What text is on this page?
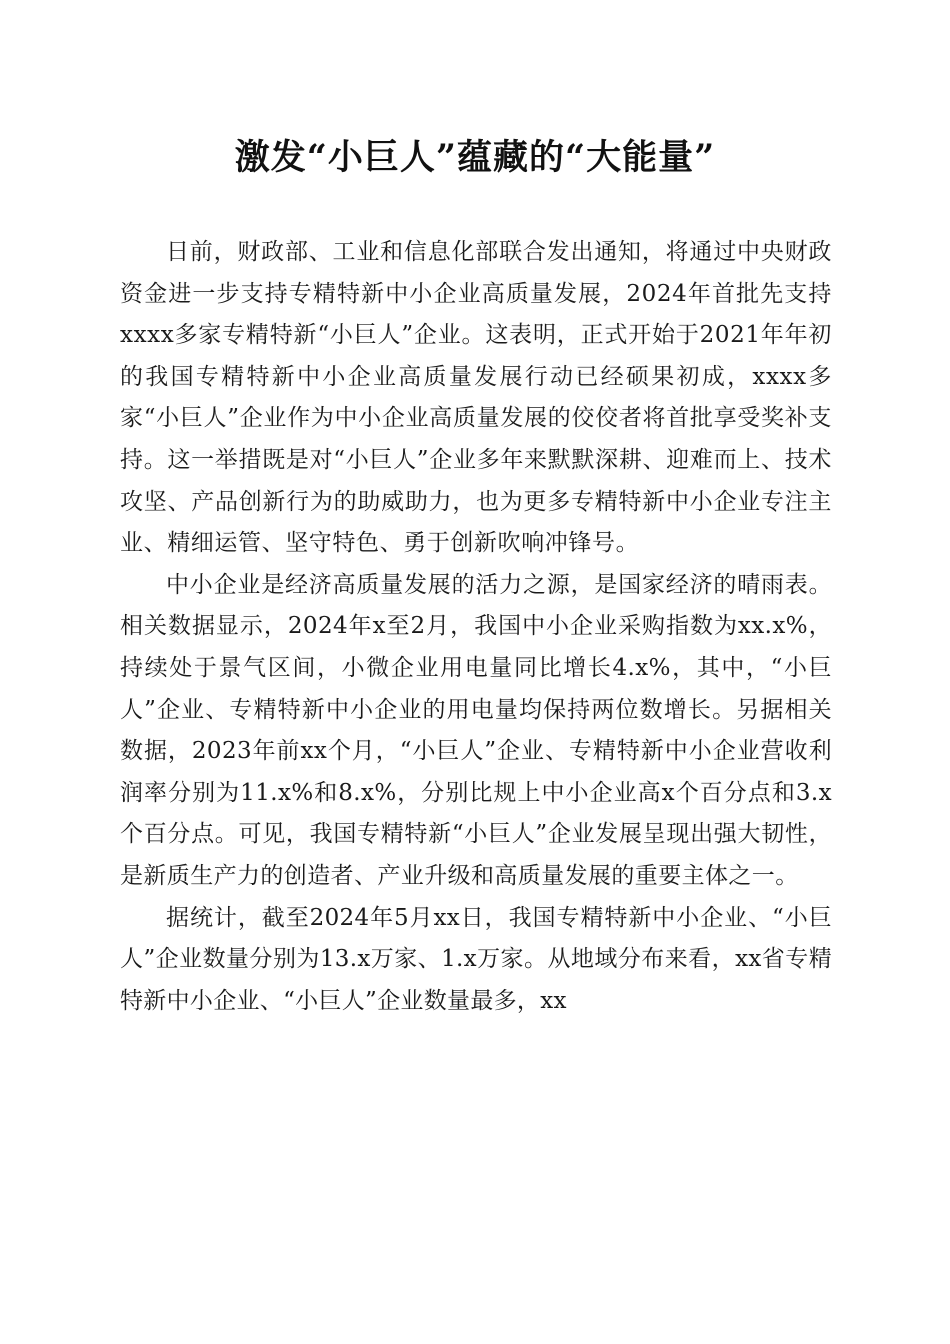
激发“小巨人”蕴藏的“大能量”

日前，财政部、工业和信息化部联合发出通知，将通过中央财政资金进一步支持专精特新中小企业高质量发展，2024年首批先支持xxxx多家专精特新“小巨人”企业。这表明，正式开始于2021年年初的我国专精特新中小企业高质量发展行动已经硕果初成，xxxx多家“小巨人”企业作为中小企业高质量发展的佼佼者将首批享受奖补支持。这一举措既是对“小巨人”企业多年来默默深耕、迎难而上、技术攻坚、产品创新行为的助威助力，也为更多专精特新中小企业专注主业、精细运管、坚守特色、勇于创新吹响冲锋号。

中小企业是经济高质量发展的活力之源，是国家经济的晴雨表。相关数据显示，2024年x至2月，我国中小企业采购指数为xx.x%，持续处于景气区间，小微企业用电量同比增长4.x%，其中，“小巨人”企业、专精特新中小企业的用电量均保持两位数增长。另据相关数据，2023年前xx个月，“小巨人”企业、专精特新中小企业营收利润率分别为11.x%和8.x%，分别比规上中小企业高x个百分点和3.x个百分点。可见，我国专精特新“小巨人”企业发展呈现出强大韧性，是新质生产力的创造者、产业升级和高质量发展的重要主体之一。

据统计，截至2024年5月xx日，我国专精特新中小企业、“小巨人”企业数量分别为13.x万家、1.x万家。从地域分布来看，xx省专精特新中小企业、“小巨人”企业数量最多，xx
